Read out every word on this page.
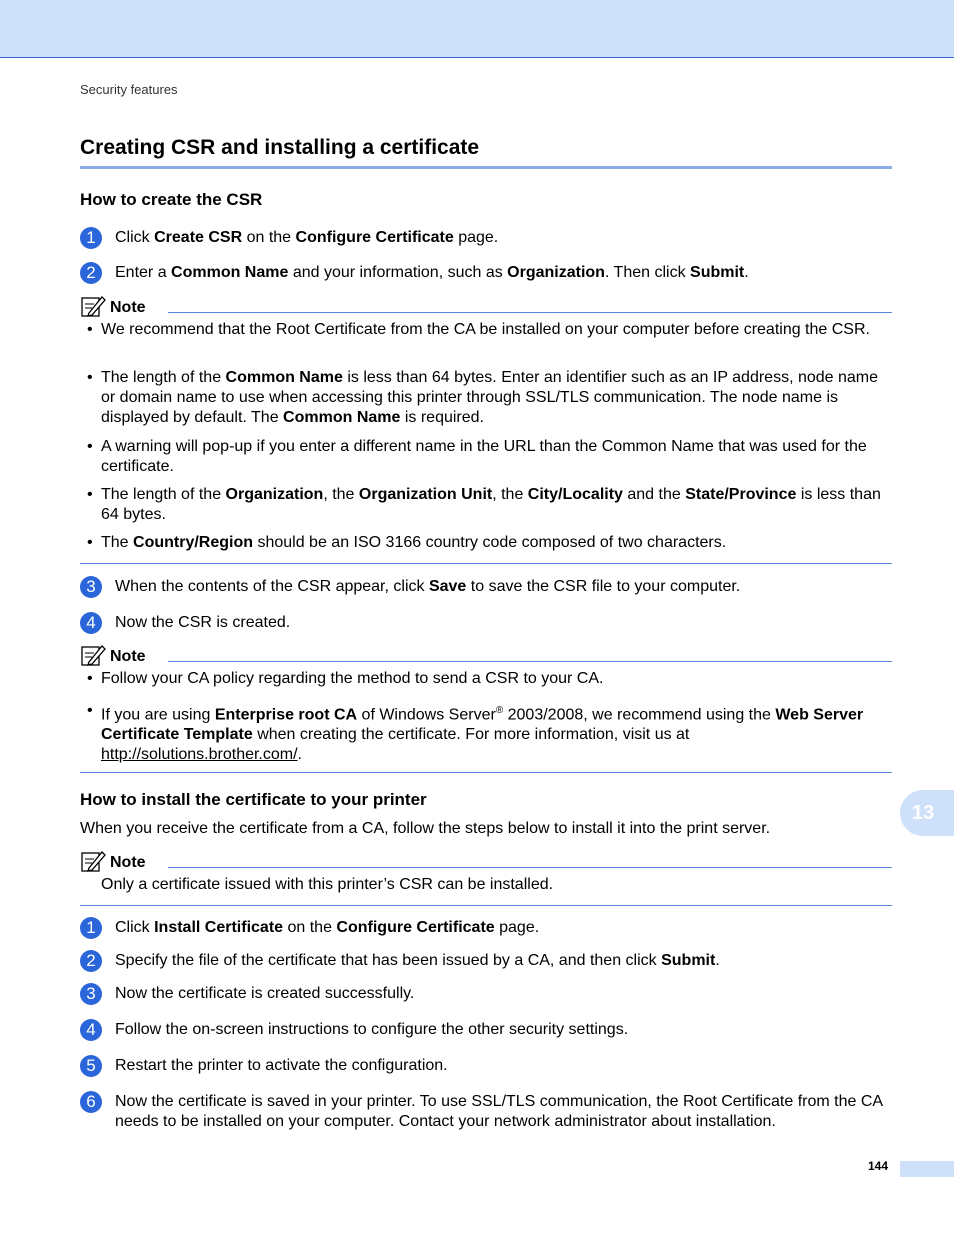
Security features
Creating CSR and installing a certificate
How to create the CSR
1	Click Create CSR on the Configure Certificate page.
2	Enter a Common Name and your information, such as Organization. Then click Submit.
Note
• We recommend that the Root Certificate from the CA be installed on your computer before creating the CSR.
• The length of the Common Name is less than 64 bytes. Enter an identifier such as an IP address, node name or domain name to use when accessing this printer through SSL/TLS communication. The node name is displayed by default. The Common Name is required.
• A warning will pop-up if you enter a different name in the URL than the Common Name that was used for the certificate.
• The length of the Organization, the Organization Unit, the City/Locality and the State/Province is less than 64 bytes.
• The Country/Region should be an ISO 3166 country code composed of two characters.
3	When the contents of the CSR appear, click Save to save the CSR file to your computer.
4	Now the CSR is created.
Note
• Follow your CA policy regarding the method to send a CSR to your CA.
• If you are using Enterprise root CA of Windows Server® 2003/2008, we recommend using the Web Server Certificate Template when creating the certificate. For more information, visit us at http://solutions.brother.com/.
How to install the certificate to your printer
When you receive the certificate from a CA, follow the steps below to install it into the print server.
Note
Only a certificate issued with this printer’s CSR can be installed.
1	Click Install Certificate on the Configure Certificate page.
2	Specify the file of the certificate that has been issued by a CA, and then click Submit.
3	Now the certificate is created successfully.
4	Follow the on-screen instructions to configure the other security settings.
5	Restart the printer to activate the configuration.
6	Now the certificate is saved in your printer. To use SSL/TLS communication, the Root Certificate from the CA needs to be installed on your computer. Contact your network administrator about installation.
13
144
